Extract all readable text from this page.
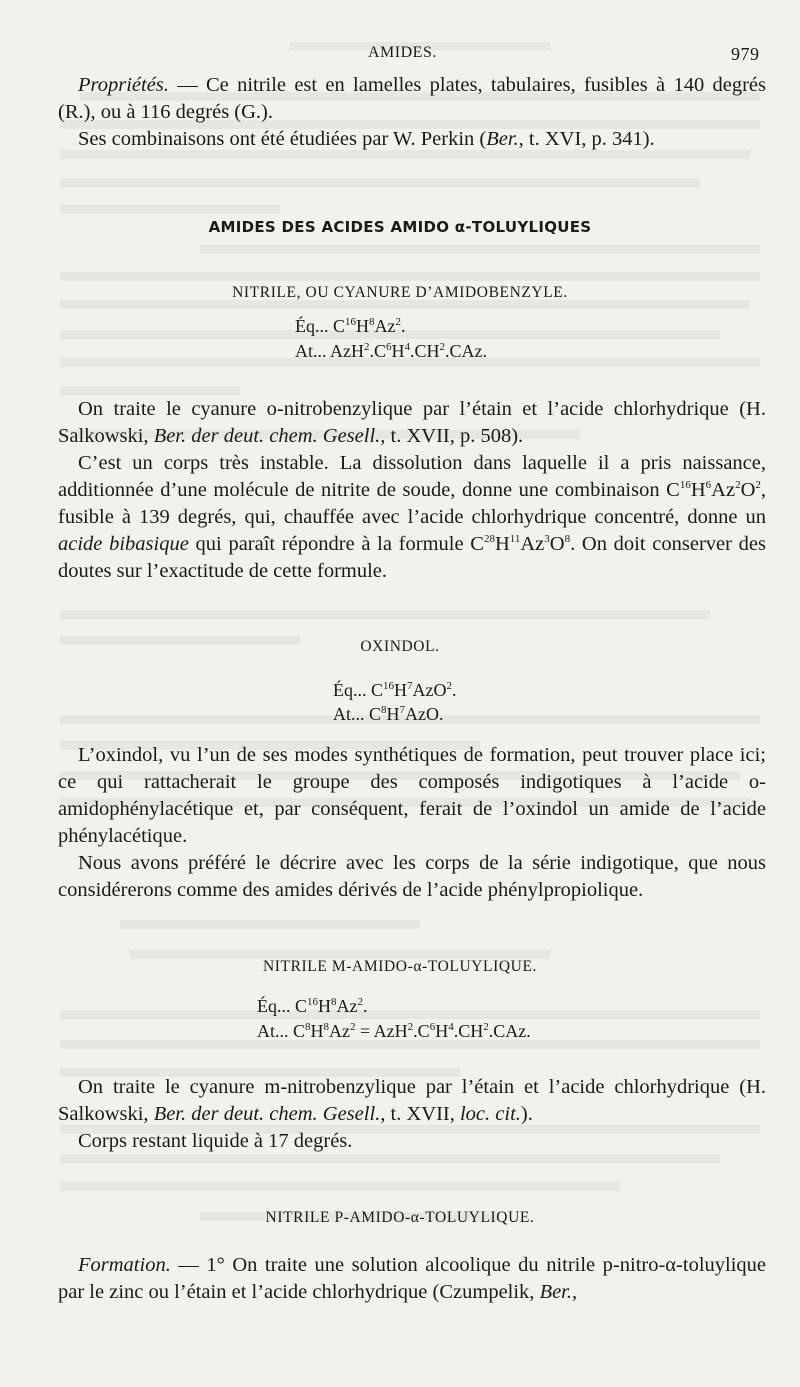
AMIDES.	979

Propriétés. — Ce nitrile est en lamelles plates, tabulaires, fusibles à 140 degrés (R.), ou à 116 degrés (G.).

Ses combinaisons ont été étudiées par W. Perkin (Ber., t. XVI, p. 341).

AMIDES DES ACIDES AMIDO α-TOLUYLIQUES
NITRILE, OU CYANURE D’AMIDOBENZYLE.
Éq... $C^{16}H^8Az^2$.
At... $AzH^2.C^6H^4.CH^2.CAz$.

On traite le cyanure o-nitrobenzylique par l’étain et l’acide chlorhydrique (H. Salkowski, Ber. der deut. chem. Gesell., t. XVII, p. 508).

C’est un corps très instable. La dissolution dans laquelle il a pris naissance, additionnée d’une molécule de nitrite de soude, donne une combinaison $C^{16}H^6Az^2O^2$, fusible à 139 degrés, qui, chauffée avec l’acide chlorhydrique concentré, donne un acide bibasique qui paraît répondre à la formule $C^{28}H^{11}Az^3O^8$. On doit conserver des doutes sur l’exactitude de cette formule.

OXINDOL.
Éq... $C^{16}H^7AzO^2$.
At... $C^8H^7AzO$.

L’oxindol, vu l’un de ses modes synthétiques de formation, peut trouver place ici; ce qui rattacherait le groupe des composés indigotiques à l’acide o-amidophénylacétique et, par conséquent, ferait de l’oxindol un amide de l’acide phénylacétique.

Nous avons préféré le décrire avec les corps de la série indigotique, que nous considérerons comme des amides dérivés de l’acide phénylpropiolique.

NITRILE M-AMIDO-α-TOLUYLIQUE.
Éq... $C^{16}H^8Az^2$.
At... $C^8H^8Az^2 = AzH^2.C^6H^4.CH^2.CAz$.

On traite le cyanure m-nitrobenzylique par l’étain et l’acide chlorhydrique (H. Salkowski, Ber. der deut. chem. Gesell., t. XVII, loc. cit.).

Corps restant liquide à 17 degrés.

NITRILE P-AMIDO-α-TOLUYLIQUE.

Formation. — 1° On traite une solution alcoolique du nitrile p-nitro-α-toluylique par le zinc ou l’étain et l’acide chlorhydrique (Czumpelik, Ber.,
